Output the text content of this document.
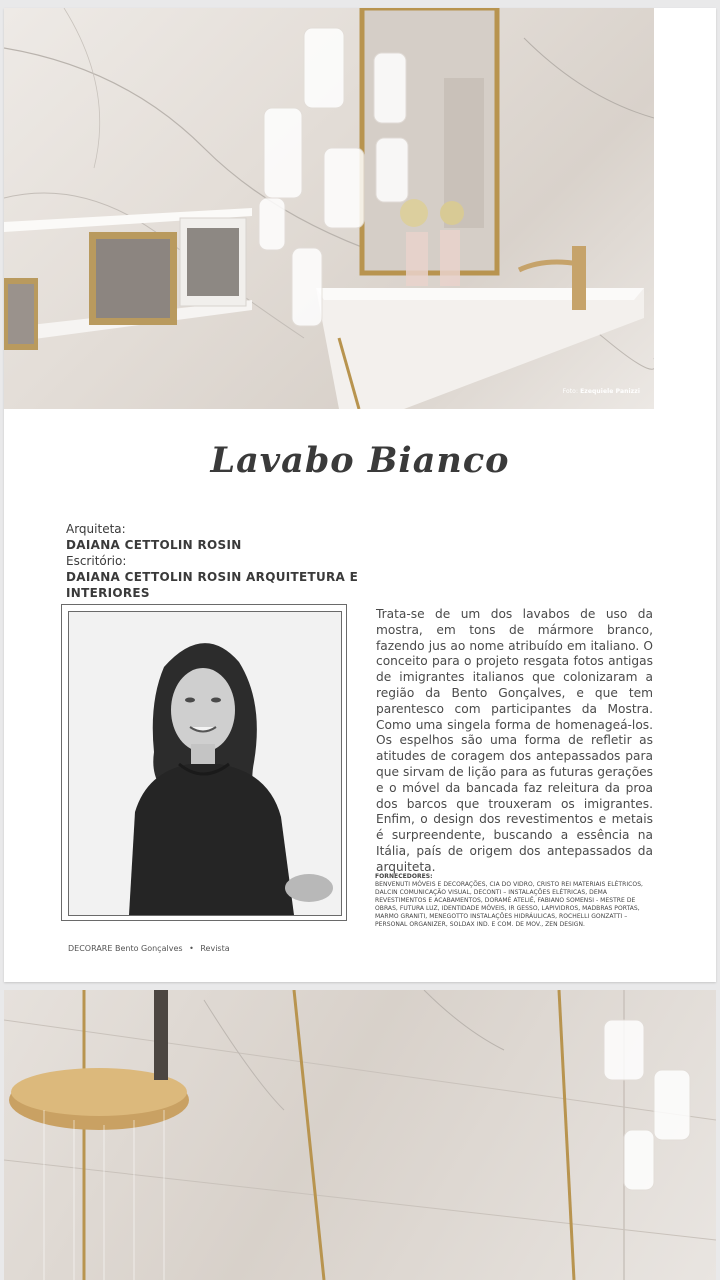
Foto: Ezequiele Panizzi
Lavabo Bianco
Arquiteta:
DAIANA CETTOLIN ROSIN
Escritório:
DAIANA CETTOLIN ROSIN ARQUITETURA E INTERIORES

Trata-se de um dos lavabos de uso da mostra, em tons de mármore branco, fazendo jus ao nome atribuído em italiano. O conceito para o projeto resgata fotos antigas de imigrantes italianos que colonizaram a região da Bento Gonçalves, e que tem parentesco com participantes da Mostra. Como uma singela forma de homenageá-los. Os espelhos são uma forma de refletir as atitudes de coragem dos antepassados para que sirvam de lição para as futuras gerações e o móvel da bancada faz releitura da proa dos barcos que trouxeram os imigrantes. Enfim, o design dos revestimentos e metais é surpreendente, buscando a essência na Itália, país de origem dos antepassados da arquiteta.

FORNECEDORES:
BENVENUTI MÓVEIS E DECORAÇÕES, CIA DO VIDRO, CRISTO REI MATERIAIS ELÉTRICOS, DALCIN COMUNICAÇÃO VISUAL, DECONTI – INSTALAÇÕES ELÉTRICAS, DEMA REVESTIMENTOS E ACABAMENTOS, DORAMÉ ATELIÊ, FABIANO SOMENSI - MESTRE DE OBRAS, FUTURA LUZ, IDENTIDADE MÓVEIS, IR GESSO, LAPIVIDROS, MADBRAS PORTAS, MARMO GRANITI, MENEGOTTO INSTALAÇÕES HIDRÁULICAS, ROCHELLI GONZATTI – PERSONAL ORGANIZER, SOLDAX IND. E COM. DE MOV., ZEN DESIGN.
DECORARE Bento Gonçalves • Revista
